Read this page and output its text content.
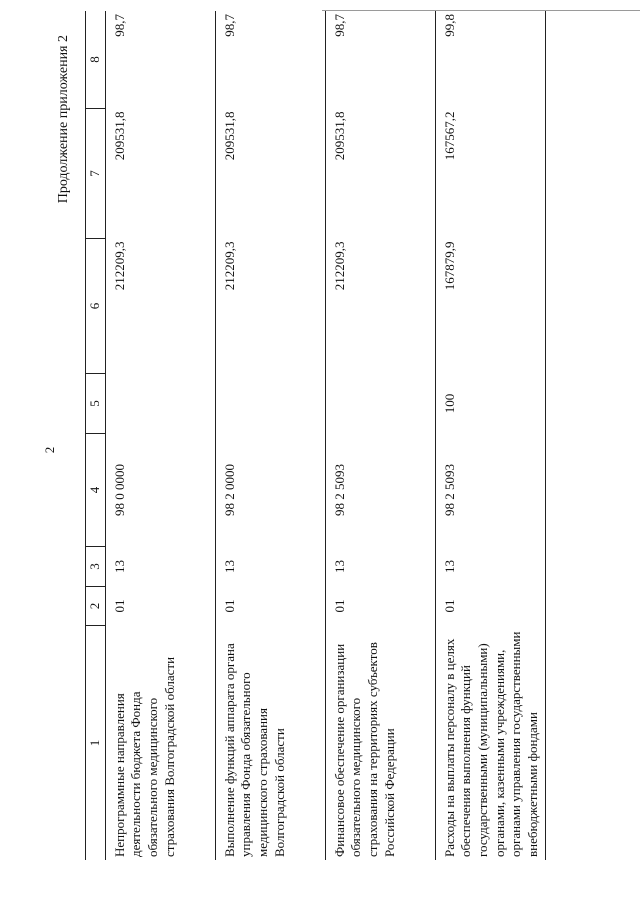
2
Продолжение приложения 2
1	2	3	4	5	6	7	8
Непрограммные направления деятельности бюджета Фонда обязательного медицинского страхования Волгоградской области	01	13	98 0 0000		212209,3	209531,8	98,7
Выполнение функций аппарата органа управления Фонда обязательного медицинского страхования Волгоградской области	01	13	98 2 0000		212209,3	209531,8	98,7
Финансовое обеспечение организации обязательного медицинского страхования на территориях субъектов Российской Федерации	01	13	98 2 5093		212209,3	209531,8	98,7
Расходы на выплаты персоналу в целях обеспечения выполнения функций государственными (муниципальными) органами, казенными учреждениями, органами управления государственными внебюджетными фондами	01	13	98 2 5093	100	167879,9	167567,2	99,8
